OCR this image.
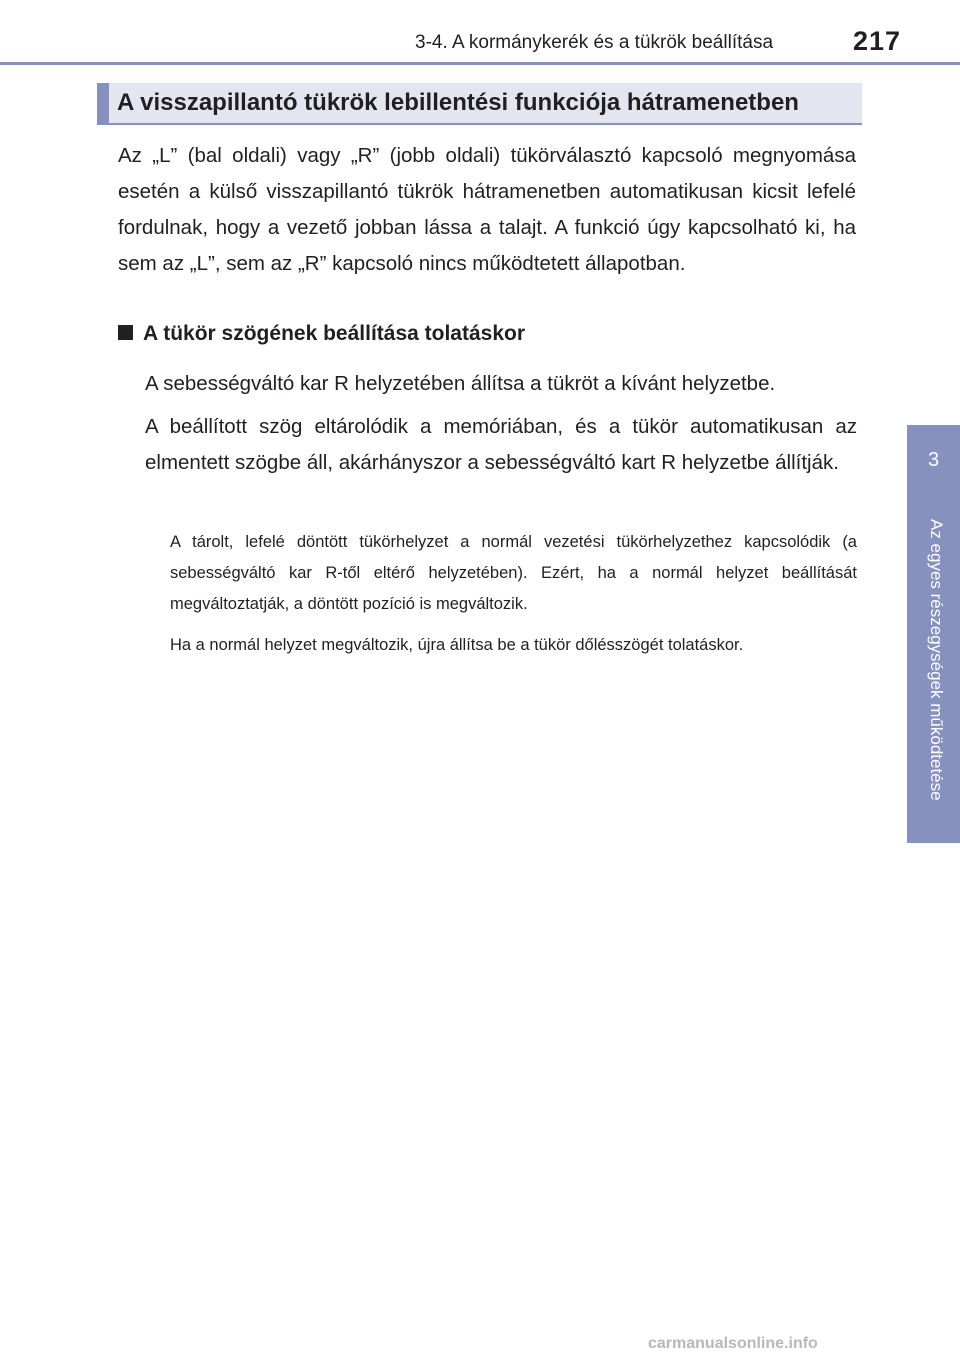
3-4. A kormánykerék és a tükrök beállítása	217
3
Az egyes részegységek működtetése
A visszapillantó tükrök lebillentési funkciója hátramenetben
Az „L” (bal oldali) vagy „R” (jobb oldali) tükörválasztó kapcsoló megnyomása esetén a külső visszapillantó tükrök hátramenetben automatikusan kicsit lefelé fordulnak, hogy a vezető jobban lássa a talajt. A funkció úgy kapcsolható ki, ha sem az „L”, sem az „R” kapcsoló nincs működtetett állapotban.
A tükör szögének beállítása tolatáskor
A sebességváltó kar R helyzetében állítsa a tükröt a kívánt helyzetbe.
A beállított szög eltárolódik a memóriában, és a tükör automatikusan az elmentett szögbe áll, akárhányszor a sebességváltó kart R helyzetbe állítják.
A tárolt, lefelé döntött tükörhelyzet a normál vezetési tükörhelyzethez kapcsolódik (a sebességváltó kar R-től eltérő helyzetében). Ezért, ha a normál helyzet beállítását megváltoztatják, a döntött pozíció is megváltozik.
Ha a normál helyzet megváltozik, újra állítsa be a tükör dőlésszögét tolatáskor.
carmanualsonline.info
